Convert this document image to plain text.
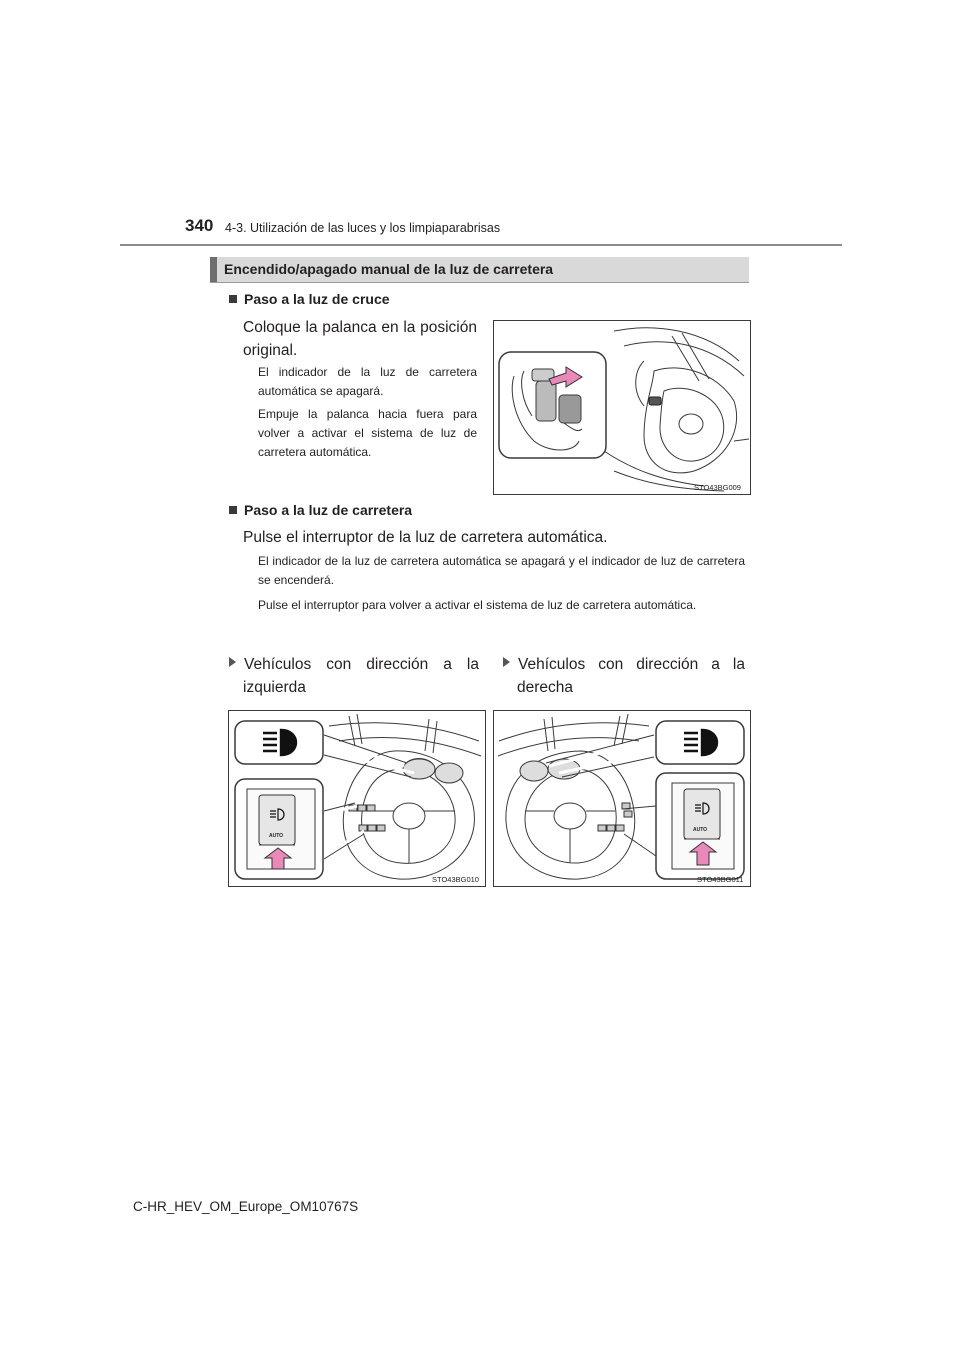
340 4-3. Utilización de las luces y los limpiaparabrisas
Encendido/apagado manual de la luz de carretera
Paso a la luz de cruce
Coloque la palanca en la posición original.
El indicador de la luz de carretera automática se apagará.
Empuje la palanca hacia fuera para volver a activar el sistema de luz de carretera automática.
STO43BG009
Paso a la luz de carretera
Pulse el interruptor de la luz de carretera automática.
El indicador de la luz de carretera automática se apagará y el indicador de luz de carretera se encenderá.
Pulse el interruptor para volver a activar el sistema de luz de carretera automática.
Vehículos con dirección a la
izquierda
Vehículos con dirección a la
derecha
AUTO
STO43BG010
AUTO
STO43BG011
C-HR_HEV_OM_Europe_OM10767S
